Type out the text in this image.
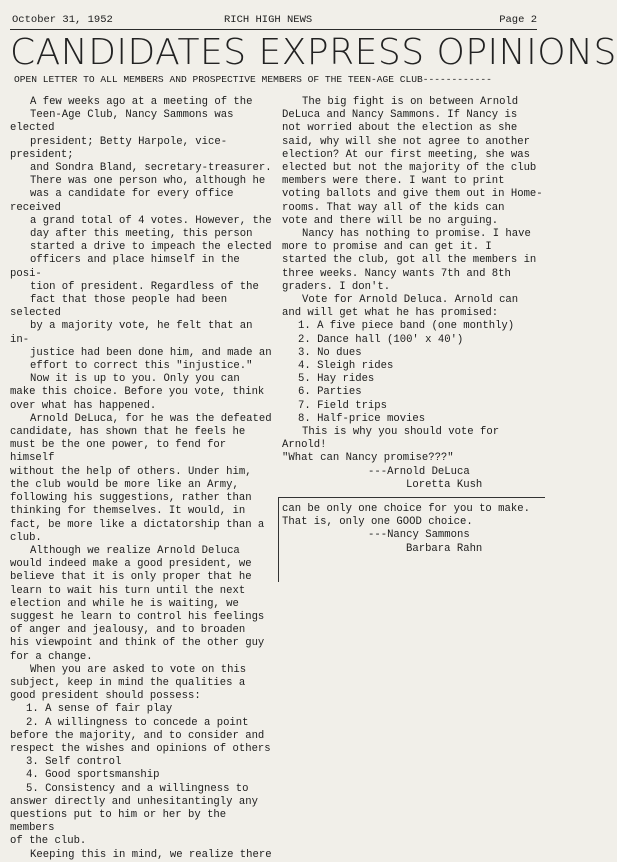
October 31, 1952	RICH HIGH NEWS	Page 2
CANDIDATES EXPRESS OPINIONS
OPEN LETTER TO ALL MEMBERS AND PROSPECTIVE MEMBERS OF THE TEEN-AGE CLUB------------

A few weeks ago at a meeting of the

Teen-Age Club, Nancy Sammons was elected

president; Betty Harpole, vice-president;

and Sondra Bland, secretary-treasurer.

There was one person who, although he

was a candidate for every office received

a grand total of 4 votes. However, the

day after this meeting, this person

started a drive to impeach the elected

officers and place himself in the posi-

tion of president. Regardless of the

fact that those people had been selected

by a majority vote, he felt that an in-

justice had been done him, and made an

effort to correct this "injustice."

Now it is up to you. Only you can

make this choice. Before you vote, think

over what has happened.

Arnold DeLuca, for he was the defeated

candidate, has shown that he feels he

must be the one power, to fend for himself

without the help of others. Under him,

the club would be more like an Army,

following his suggestions, rather than

thinking for themselves. It would, in

fact, be more like a dictatorship than a

club.

Although we realize Arnold Deluca

would indeed make a good president, we

believe that it is only proper that he

learn to wait his turn until the next

election and while he is waiting, we

suggest he learn to control his feelings

of anger and jealousy, and to broaden

his viewpoint and think of the other guy

for a change.

When you are asked to vote on this

subject, keep in mind the qualities a

good president should possess:

1. A sense of fair play

2. A willingness to concede a point

before the majority, and to consider and

respect the wishes and opinions of others

3. Self control

4. Good sportsmanship

5. Consistency and a willingness to

answer directly and unhesitantingly any

questions put to him or her by the members

of the club.

Keeping this in mind, we realize there

The big fight is on between Arnold

DeLuca and Nancy Sammons. If Nancy is

not worried about the election as she

said, why will she not agree to another

election? At our first meeting, she was

elected but not the majority of the club

members were there. I want to print

voting ballots and give them out in Home-

rooms. That way all of the kids can

vote and there will be no arguing.

Nancy has nothing to promise. I have

more to promise and can get it. I

started the club, got all the members in

three weeks. Nancy wants 7th and 8th

graders. I don't.

Vote for Arnold Deluca. Arnold can

and will get what he has promised:

1. A five piece band (one monthly)

2. Dance hall (100' x 40')

3. No dues

4. Sleigh rides

5. Hay rides

6. Parties

7. Field trips

8. Half-price movies

This is why you should vote for Arnold!

"What can Nancy promise???"

---Arnold DeLuca

Loretta Kush

can be only one choice for you to make.

That is, only one GOOD choice.

---Nancy Sammons

Barbara Rahn
